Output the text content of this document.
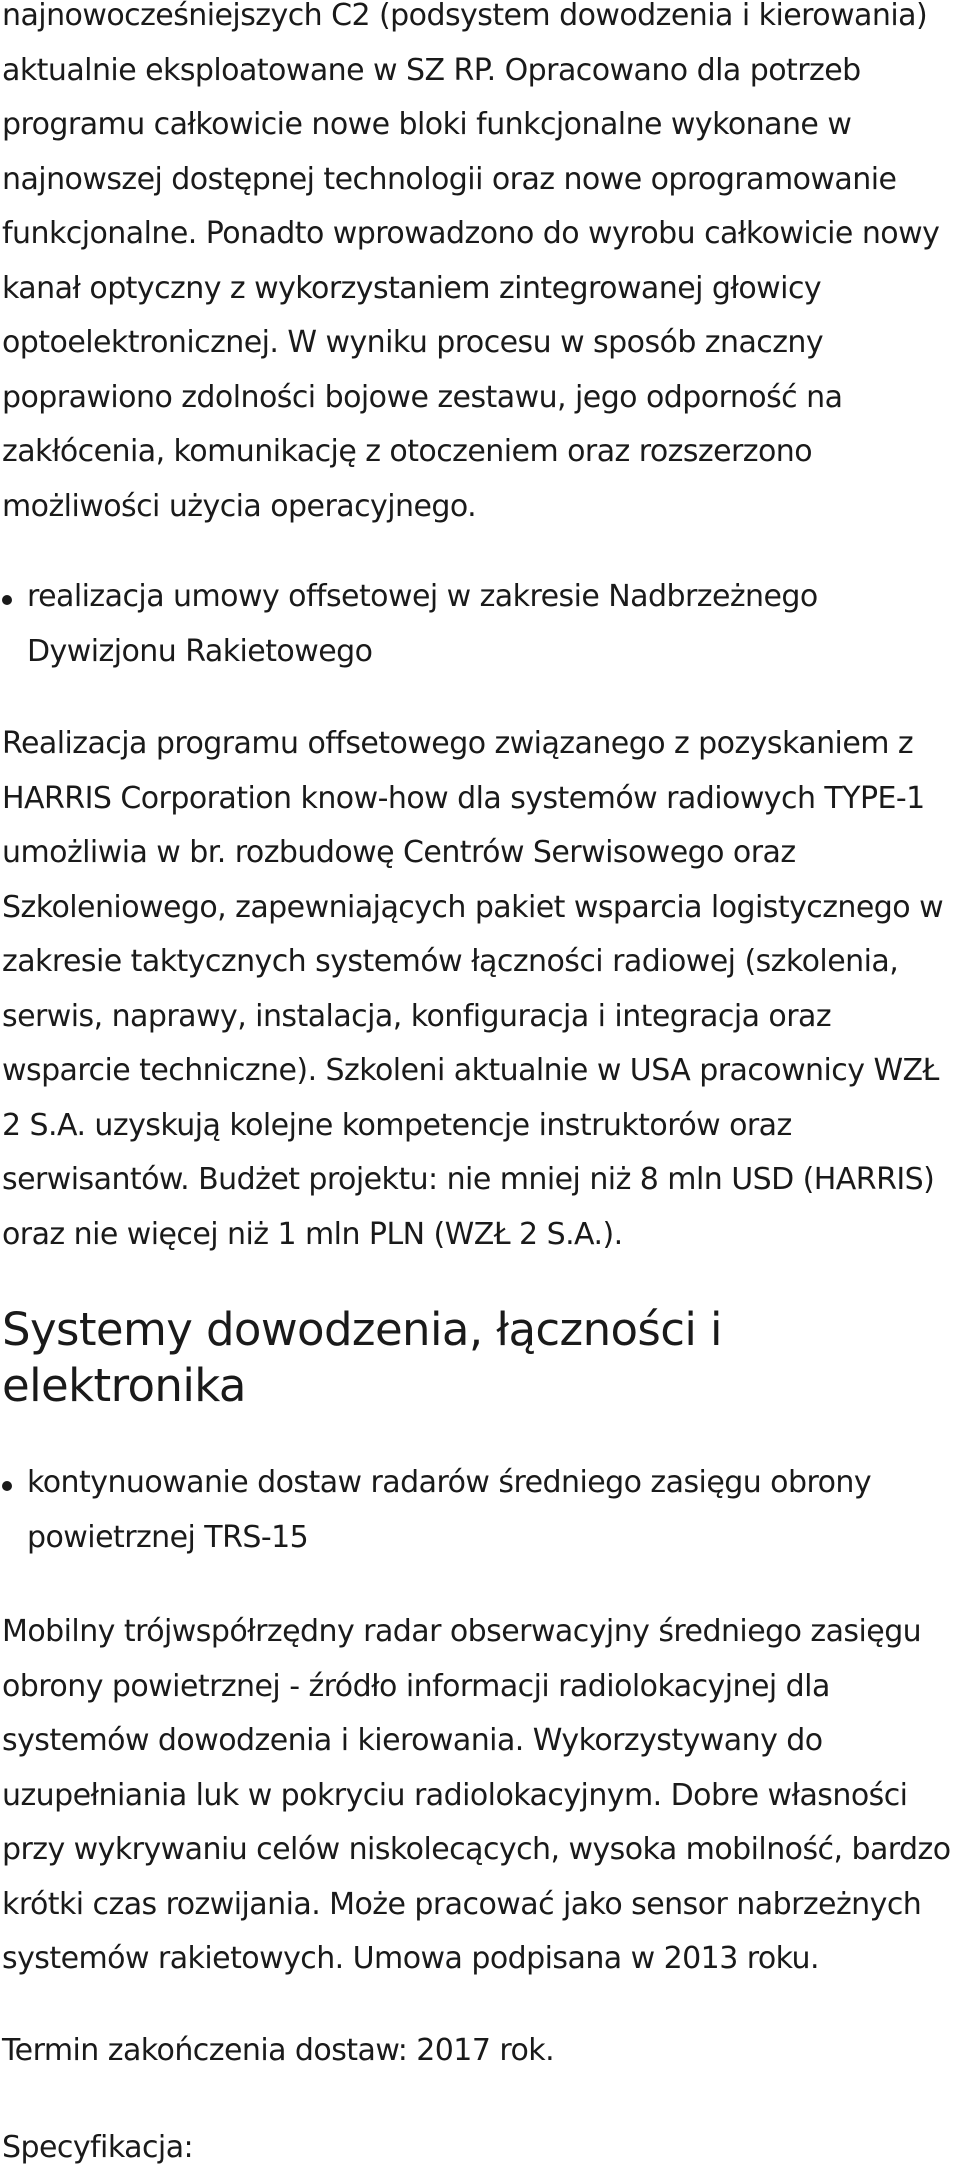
najnowocześniejszych C2 (podsystem dowodzenia i kierowania) aktualnie eksploatowane w SZ RP. Opracowano dla potrzeb programu całkowicie nowe bloki funkcjonalne wykonane w najnowszej dostępnej technologii oraz nowe oprogramowanie funkcjonalne. Ponadto wprowadzono do wyrobu całkowicie nowy kanał optyczny z wykorzystaniem zintegrowanej głowicy optoelektronicznej. W wyniku procesu w sposób znaczny poprawiono zdolności bojowe zestawu, jego odporność na zakłócenia, komunikację z otoczeniem oraz rozszerzono możliwości użycia operacyjnego.

realizacja umowy offsetowej w zakresie Nadbrzeżnego Dywizjonu Rakietowego

Realizacja programu offsetowego związanego z pozyskaniem z HARRIS Corporation know-how dla systemów radiowych TYPE-1 umożliwia w br. rozbudowę Centrów Serwisowego oraz Szkoleniowego, zapewniających pakiet wsparcia logistycznego w zakresie taktycznych systemów łączności radiowej (szkolenia, serwis, naprawy, instalacja, konfiguracja i integracja oraz wsparcie techniczne). Szkoleni aktualnie w USA pracownicy WZŁ 2 S.A. uzyskują kolejne kompetencje instruktorów oraz serwisantów. Budżet projektu: nie mniej niż 8 mln USD (HARRIS) oraz nie więcej niż 1 mln PLN (WZŁ 2 S.A.).

Systemy dowodzenia, łączności i elektronika
kontynuowanie dostaw radarów średniego zasięgu obrony powietrznej TRS-15

Mobilny trójwspółrzędny radar obserwacyjny średniego zasięgu obrony powietrznej - źródło informacji radiolokacyjnej dla systemów dowodzenia i kierowania. Wykorzystywany do uzupełniania luk w pokryciu radiolokacyjnym. Dobre własności przy wykrywaniu celów niskolecących, wysoka mobilność, bardzo krótki czas rozwijania. Może pracować jako sensor nabrzeżnych systemów rakietowych. Umowa podpisana w 2013 roku.

Termin zakończenia dostaw: 2017 rok.

Specyfikacja:
